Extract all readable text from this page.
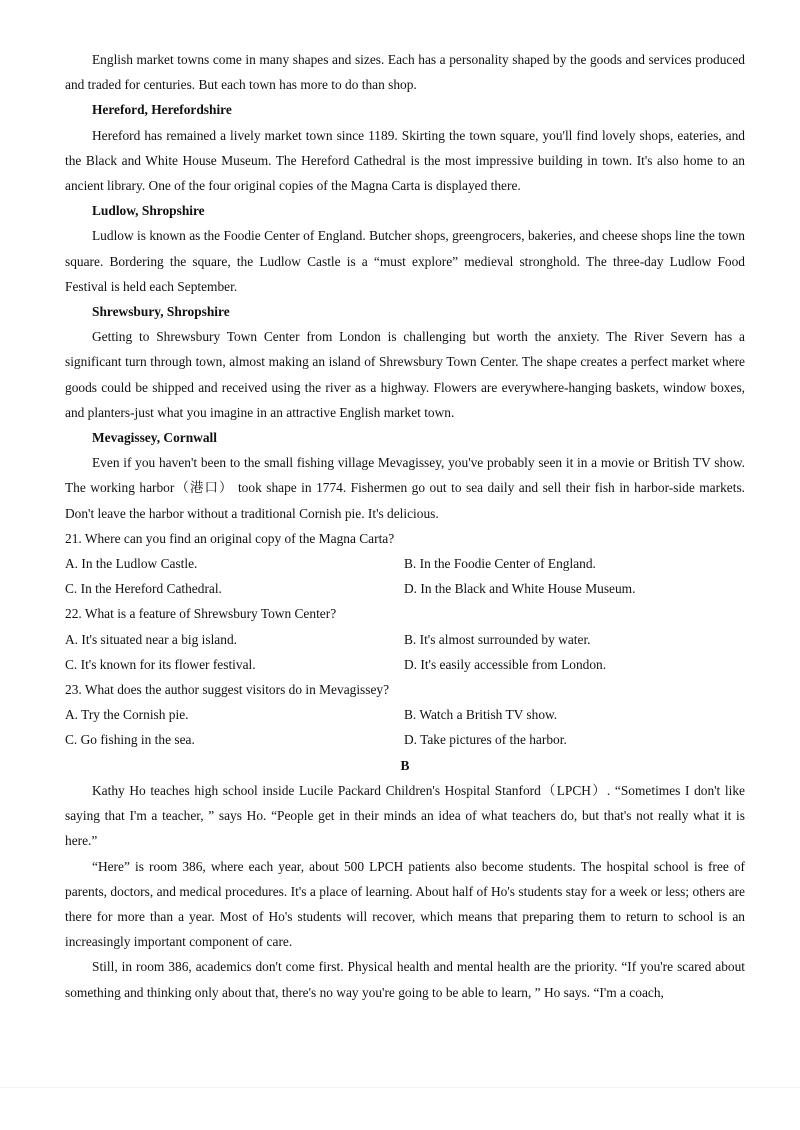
English market towns come in many shapes and sizes. Each has a personality shaped by the goods and services produced and traded for centuries. But each town has more to do than shop.

Hereford, Herefordshire

Hereford has remained a lively market town since 1189. Skirting the town square, you'll find lovely shops, eateries, and the Black and White House Museum. The Hereford Cathedral is the most impressive building in town. It's also home to an ancient library. One of the four original copies of the Magna Carta is displayed there.

Ludlow, Shropshire

Ludlow is known as the Foodie Center of England. Butcher shops, greengrocers, bakeries, and cheese shops line the town square. Bordering the square, the Ludlow Castle is a “must explore” medieval stronghold. The three-day Ludlow Food Festival is held each September.

Shrewsbury, Shropshire

Getting to Shrewsbury Town Center from London is challenging but worth the anxiety. The River Severn has a significant turn through town, almost making an island of Shrewsbury Town Center. The shape creates a perfect market where goods could be shipped and received using the river as a highway. Flowers are everywhere-hanging baskets, window boxes, and planters-just what you imagine in an attractive English market town.

Mevagissey, Cornwall

Even if you haven't been to the small fishing village Mevagissey, you've probably seen it in a movie or British TV show. The working harbor（港口） took shape in 1774. Fishermen go out to sea daily and sell their fish in harbor-side markets. Don't leave the harbor without a traditional Cornish pie. It's delicious.

21. Where can you find an original copy of the Magna Carta?

A. In the Ludlow Castle.	B. In the Foodie Center of England.
C. In the Hereford Cathedral.	D. In the Black and White House Museum.

22. What is a feature of Shrewsbury Town Center?

A. It's situated near a big island.	B. It's almost surrounded by water.
C. It's known for its flower festival.	D. It's easily accessible from London.

23. What does the author suggest visitors do in Mevagissey?

A. Try the Cornish pie.	B. Watch a British TV show.
C. Go fishing in the sea.	D. Take pictures of the harbor.

B

Kathy Ho teaches high school inside Lucile Packard Children's Hospital Stanford（LPCH）. “Sometimes I don't like saying that I'm a teacher, ” says Ho. “People get in their minds an idea of what teachers do, but that's not really what it is here.”

“Here” is room 386, where each year, about 500 LPCH patients also become students. The hospital school is free of parents, doctors, and medical procedures. It's a place of learning. About half of Ho's students stay for a week or less; others are there for more than a year. Most of Ho's students will recover, which means that preparing them to return to school is an increasingly important component of care.

Still, in room 386, academics don't come first. Physical health and mental health are the priority. “If you're scared about something and thinking only about that, there's no way you're going to be able to learn, ” Ho says. “I'm a coach,
